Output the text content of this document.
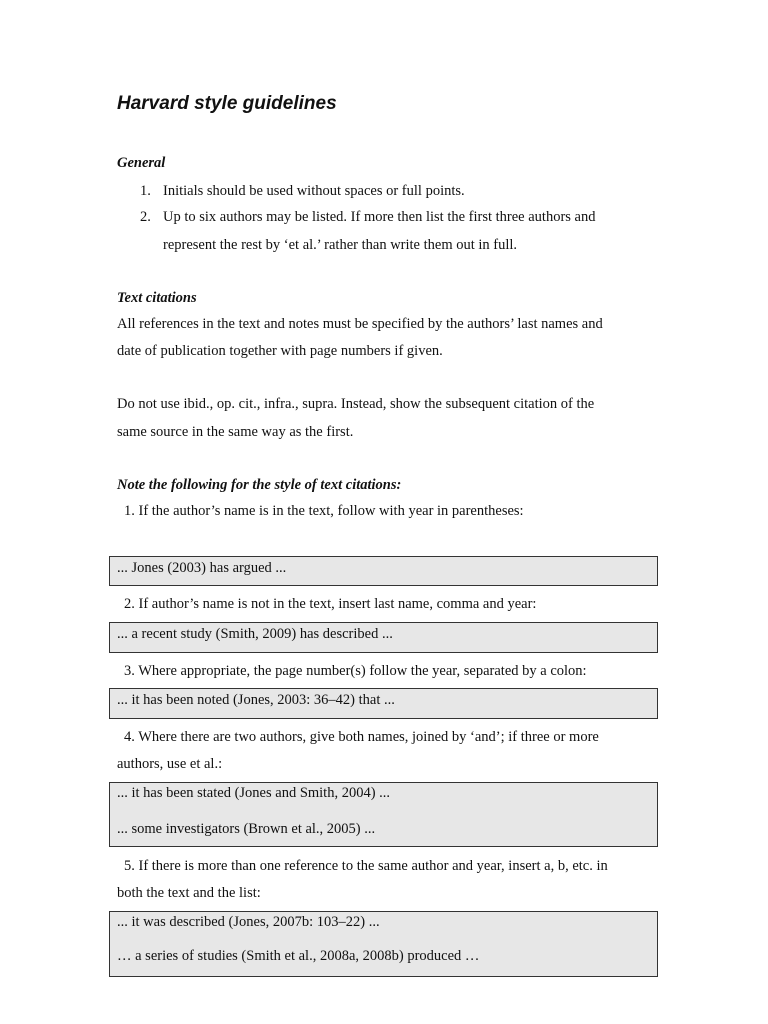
Harvard style guidelines
General
1. Initials should be used without spaces or full points.
2. Up to six authors may be listed. If more then list the first three authors and
represent the rest by ‘et al.’ rather than write them out in full.
Text citations
All references in the text and notes must be specified by the authors’ last names and
date of publication together with page numbers if given.
Do not use ibid., op. cit., infra., supra. Instead, show the subsequent citation of the
same source in the same way as the first.
Note the following for the style of text citations:
1. If the author’s name is in the text, follow with year in parentheses:
... Jones (2003) has argued ...
2. If author’s name is not in the text, insert last name, comma and year:
... a recent study (Smith, 2009) has described ...
3. Where appropriate, the page number(s) follow the year, separated by a colon:
... it has been noted (Jones, 2003: 36–42) that ...
4. Where there are two authors, give both names, joined by ‘and’; if three or more
authors, use et al.:
... it has been stated (Jones and Smith, 2004) ...
... some investigators (Brown et al., 2005) ...
5. If there is more than one reference to the same author and year, insert a, b, etc. in
both the text and the list:
... it was described (Jones, 2007b: 103–22) ...
… a series of studies (Smith et al., 2008a, 2008b) produced …
